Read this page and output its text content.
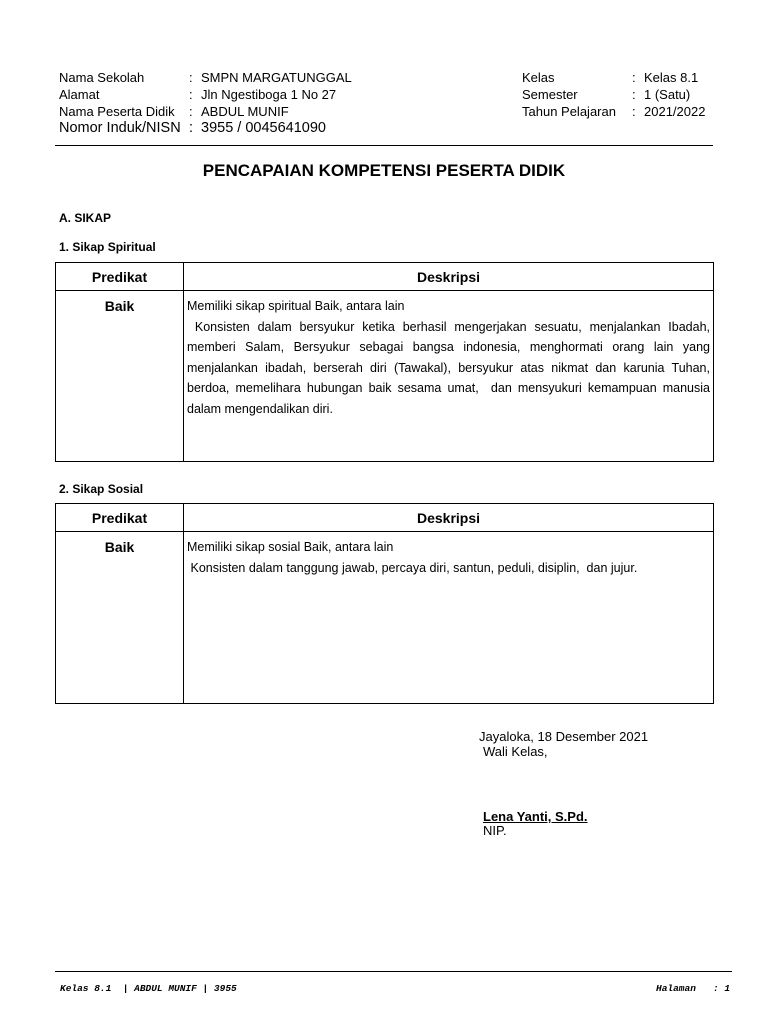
Nama Sekolah	: SMPN MARGATUNGGAL
Alamat	: Jln Ngestiboga 1 No 27
Nama Peserta Didik : ABDUL MUNIF
Nomor Induk/NISN : 3955 / 0045641090
Kelas	: Kelas 8.1
Semester	: 1 (Satu)
Tahun Pelajaran : 2021/2022
PENCAPAIAN KOMPETENSI PESERTA DIDIK
A. SIKAP
1. Sikap Spiritual
Predikat	Deskripsi
Baik	Memiliki sikap spiritual Baik, antara lain

Konsisten dalam bersyukur ketika berhasil mengerjakan sesuatu, menjalankan Ibadah, memberi Salam, Bersyukur sebagai bangsa indonesia, menghormati orang lain yang menjalankan ibadah, berserah diri (Tawakal), bersyukur atas nikmat dan karunia Tuhan, berdoa, memelihara hubungan baik sesama umat,  dan mensyukuri kemampuan manusia dalam mengendalikan diri.

2. Sikap Sosial
Predikat	Deskripsi
Baik	Memiliki sikap sosial Baik, antara lain

Konsisten dalam tanggung jawab, percaya diri, santun, peduli, disiplin,  dan jujur.

Jayaloka, 18 Desember 2021
Wali Kelas,
Lena Yanti, S.Pd.
NIP.
Kelas 8.1  | ABDUL MUNIF | 3955	Halaman   : 1
